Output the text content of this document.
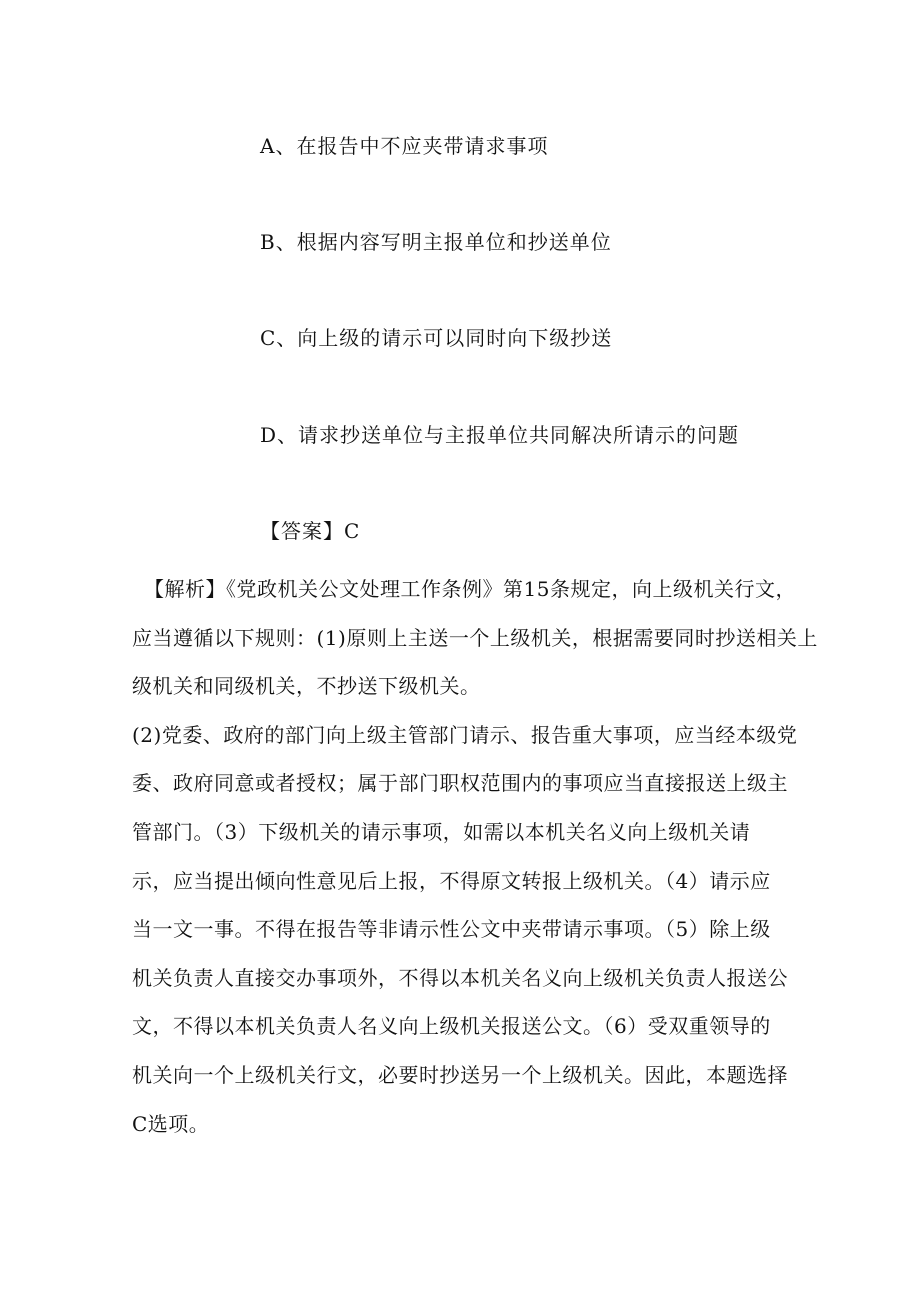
A、在报告中不应夹带请求事项
B、根据内容写明主报单位和抄送单位
C、向上级的请示可以同时向下级抄送
D、请求抄送单位与主报单位共同解决所请示的问题
【答案】C

【解析】《党政机关公文处理工作条例》第15条规定，向上级机关行文，
应当遵循以下规则：(1)原则上主送一个上级机关，根据需要同时抄送相关上
级机关和同级机关，不抄送下级机关。
(2)党委、政府的部门向上级主管部门请示、报告重大事项，应当经本级党
委、政府同意或者授权；属于部门职权范围内的事项应当直接报送上级主
管部门。（3）下级机关的请示事项，如需以本机关名义向上级机关请
示，应当提出倾向性意见后上报，不得原文转报上级机关。（4）请示应
当一文一事。不得在报告等非请示性公文中夹带请示事项。（5）除上级
机关负责人直接交办事项外，不得以本机关名义向上级机关负责人报送公
文，不得以本机关负责人名义向上级机关报送公文。（6）受双重领导的
机关向一个上级机关行文，必要时抄送另一个上级机关。因此，本题选择
C选项。
